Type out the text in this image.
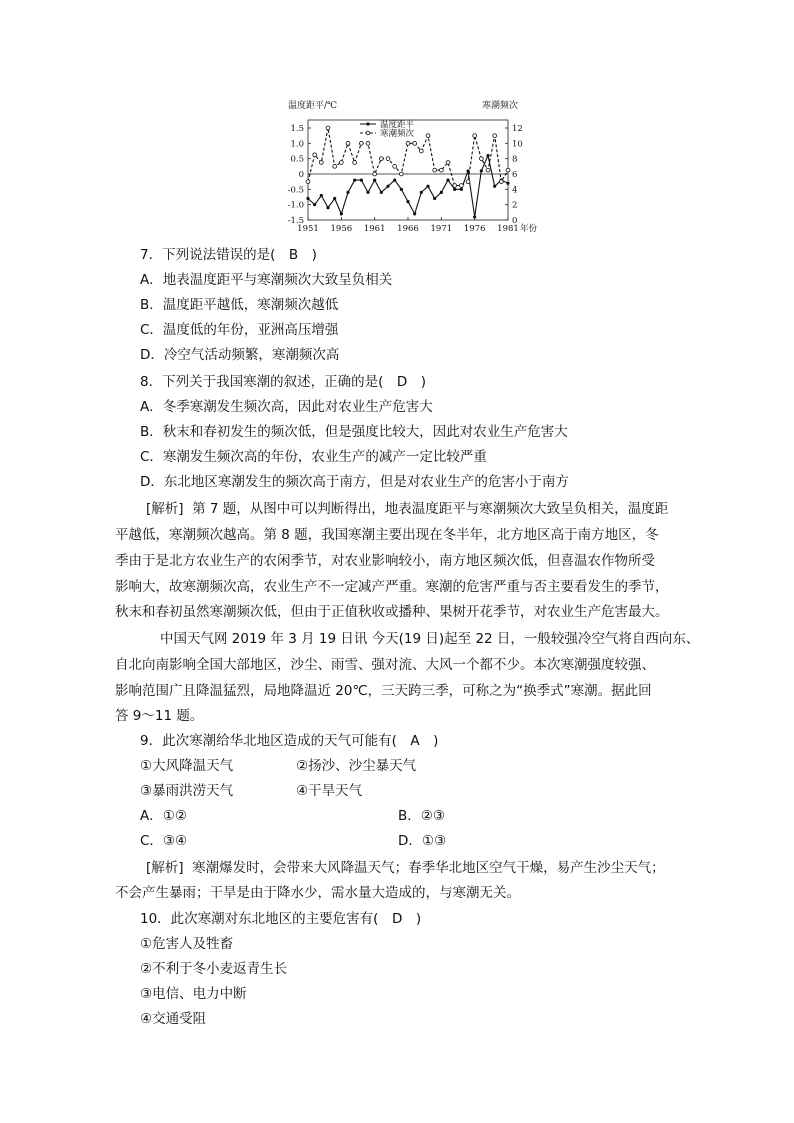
温度距平/℃	寒潮频次
1.5
1.0
0.5
0
-0.5
-1.0
-1.5
12
10
8
6
4
2
0
1951 1956 1961 1966 1971 1976 1981 年份
温度距平
寒潮频次
7．下列说法错误的是(　B　)
A．地表温度距平与寒潮频次大致呈负相关
B．温度距平越低，寒潮频次越低
C．温度低的年份，亚洲高压增强
D．冷空气活动频繁，寒潮频次高
8．下列关于我国寒潮的叙述，正确的是(　D　)
A．冬季寒潮发生频次高，因此对农业生产危害大
B．秋末和春初发生的频次低，但是强度比较大，因此对农业生产危害大
C．寒潮发生频次高的年份，农业生产的减产一定比较严重
D．东北地区寒潮发生的频次高于南方，但是对农业生产的危害小于南方
[解析] 第 7 题，从图中可以判断得出，地表温度距平与寒潮频次大致呈负相关，温度距
平越低，寒潮频次越高。第 8 题，我国寒潮主要出现在冬半年，北方地区高于南方地区，冬
季由于是北方农业生产的农闲季节，对农业影响较小，南方地区频次低，但喜温农作物所受
影响大，故寒潮频次高，农业生产不一定减产严重。寒潮的危害严重与否主要看发生的季节，
秋末和春初虽然寒潮频次低，但由于正值秋收或播种、果树开花季节，对农业生产危害最大。
中国天气网 2019 年 3 月 19 日讯 今天(19 日)起至 22 日，一般较强冷空气将自西向东、
自北向南影响全国大部地区，沙尘、雨雪、强对流、大风一个都不少。本次寒潮强度较强、
影响范围广且降温猛烈，局地降温近 20℃，三天跨三季，可称之为“换季式”寒潮。据此回
答 9～11 题。
9．此次寒潮给华北地区造成的天气可能有(　A　)
①大风降温天气	②扬沙、沙尘暴天气
③暴雨洪涝天气	④干旱天气
A．①②	B．②③
C．③④	D．①③
[解析] 寒潮爆发时，会带来大风降温天气；春季华北地区空气干燥，易产生沙尘天气；
不会产生暴雨；干旱是由于降水少，需水量大造成的，与寒潮无关。
10．此次寒潮对东北地区的主要危害有(　D　)
①危害人及牲畜
②不利于冬小麦返青生长
③电信、电力中断
④交通受阻
